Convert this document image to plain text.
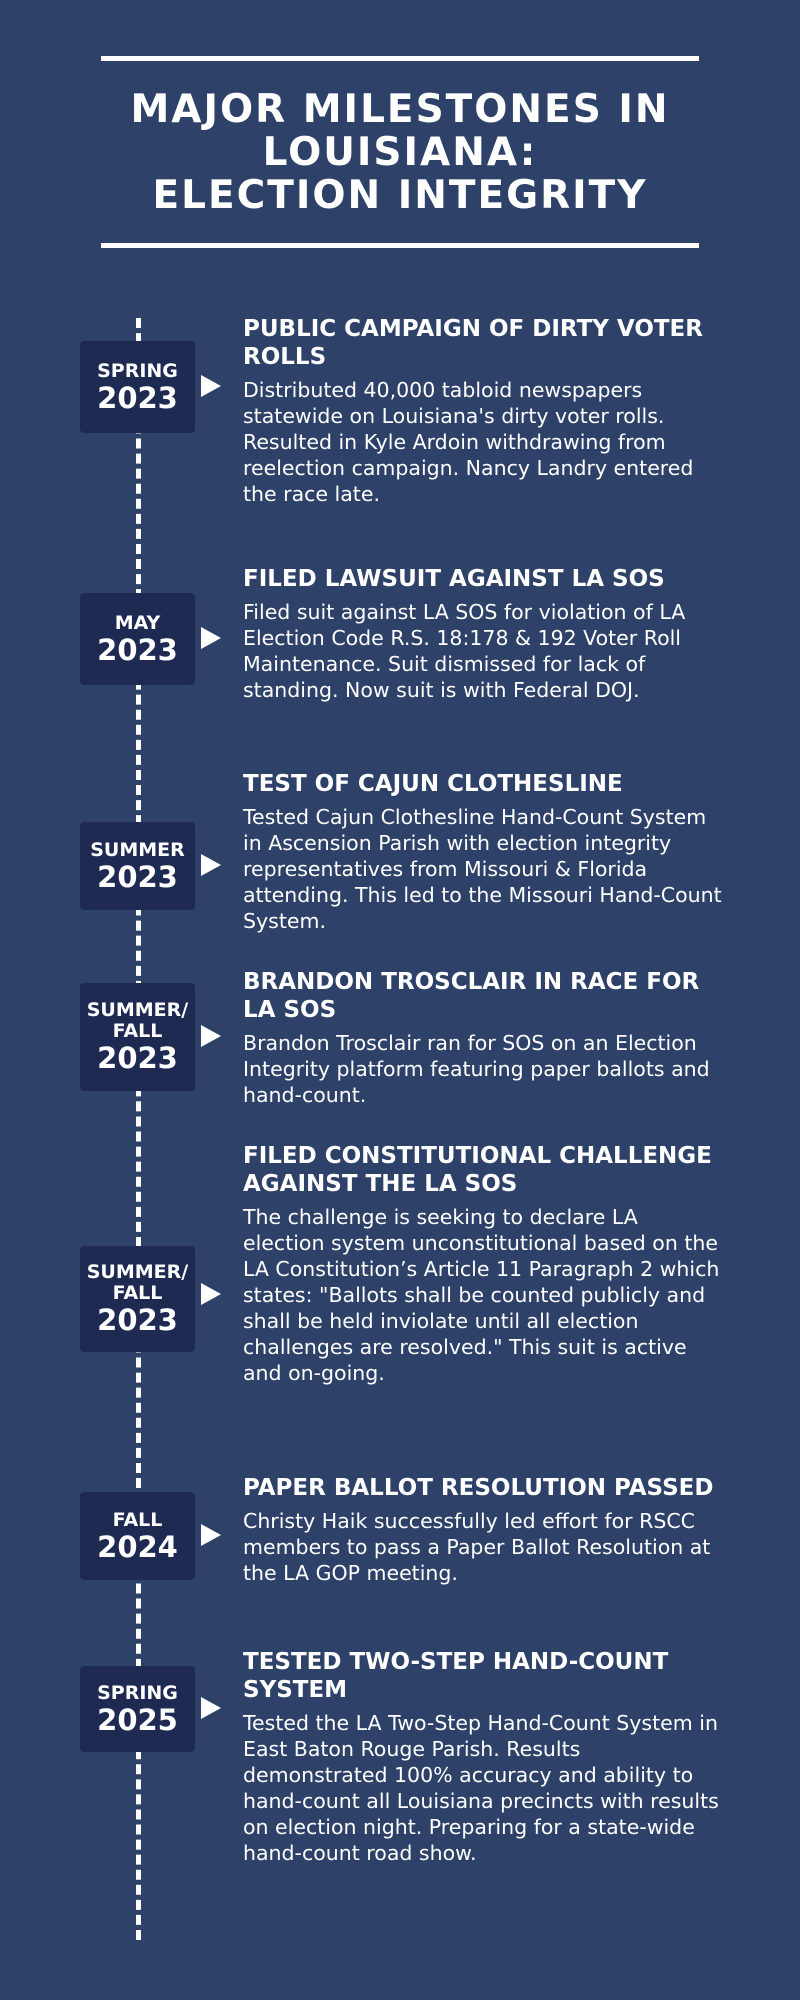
MAJOR MILESTONES IN
LOUISIANA:
ELECTION INTEGRITY
SPRING
2023
PUBLIC CAMPAIGN OF DIRTY VOTER ROLLS

Distributed 40,000 tabloid newspapers statewide on Louisiana's dirty voter rolls. Resulted in Kyle Ardoin withdrawing from reelection campaign. Nancy Landry entered the race late.

MAY
2023
FILED LAWSUIT AGAINST LA SOS

Filed suit against LA SOS for violation of LA Election Code R.S. 18:178 & 192 Voter Roll Maintenance. Suit dismissed for lack of standing. Now suit is with Federal DOJ.

SUMMER
2023
TEST OF CAJUN CLOTHESLINE

Tested Cajun Clothesline Hand-Count System in Ascension Parish with election integrity representatives from Missouri & Florida attending. This led to the Missouri Hand-Count System.

SUMMER/ FALL
2023
BRANDON TROSCLAIR IN RACE FOR LA SOS

Brandon Trosclair ran for SOS on an Election Integrity platform featuring paper ballots and hand-count.

SUMMER/ FALL
2023
FILED CONSTITUTIONAL CHALLENGE AGAINST THE LA SOS

The challenge is seeking to declare LA election system unconstitutional based on the LA Constitution’s Article 11 Paragraph 2 which states: "Ballots shall be counted publicly and shall be held inviolate until all election challenges are resolved." This suit is active and on-going.

FALL
2024
PAPER BALLOT RESOLUTION PASSED

Christy Haik successfully led effort for RSCC members to pass a Paper Ballot Resolution at the LA GOP meeting.

SPRING
2025
TESTED TWO-STEP HAND-COUNT SYSTEM

Tested the LA Two-Step Hand-Count System in East Baton Rouge Parish. Results demonstrated 100% accuracy and ability to hand-count all Louisiana precincts with results on election night. Preparing for a state-wide hand-count road show.
